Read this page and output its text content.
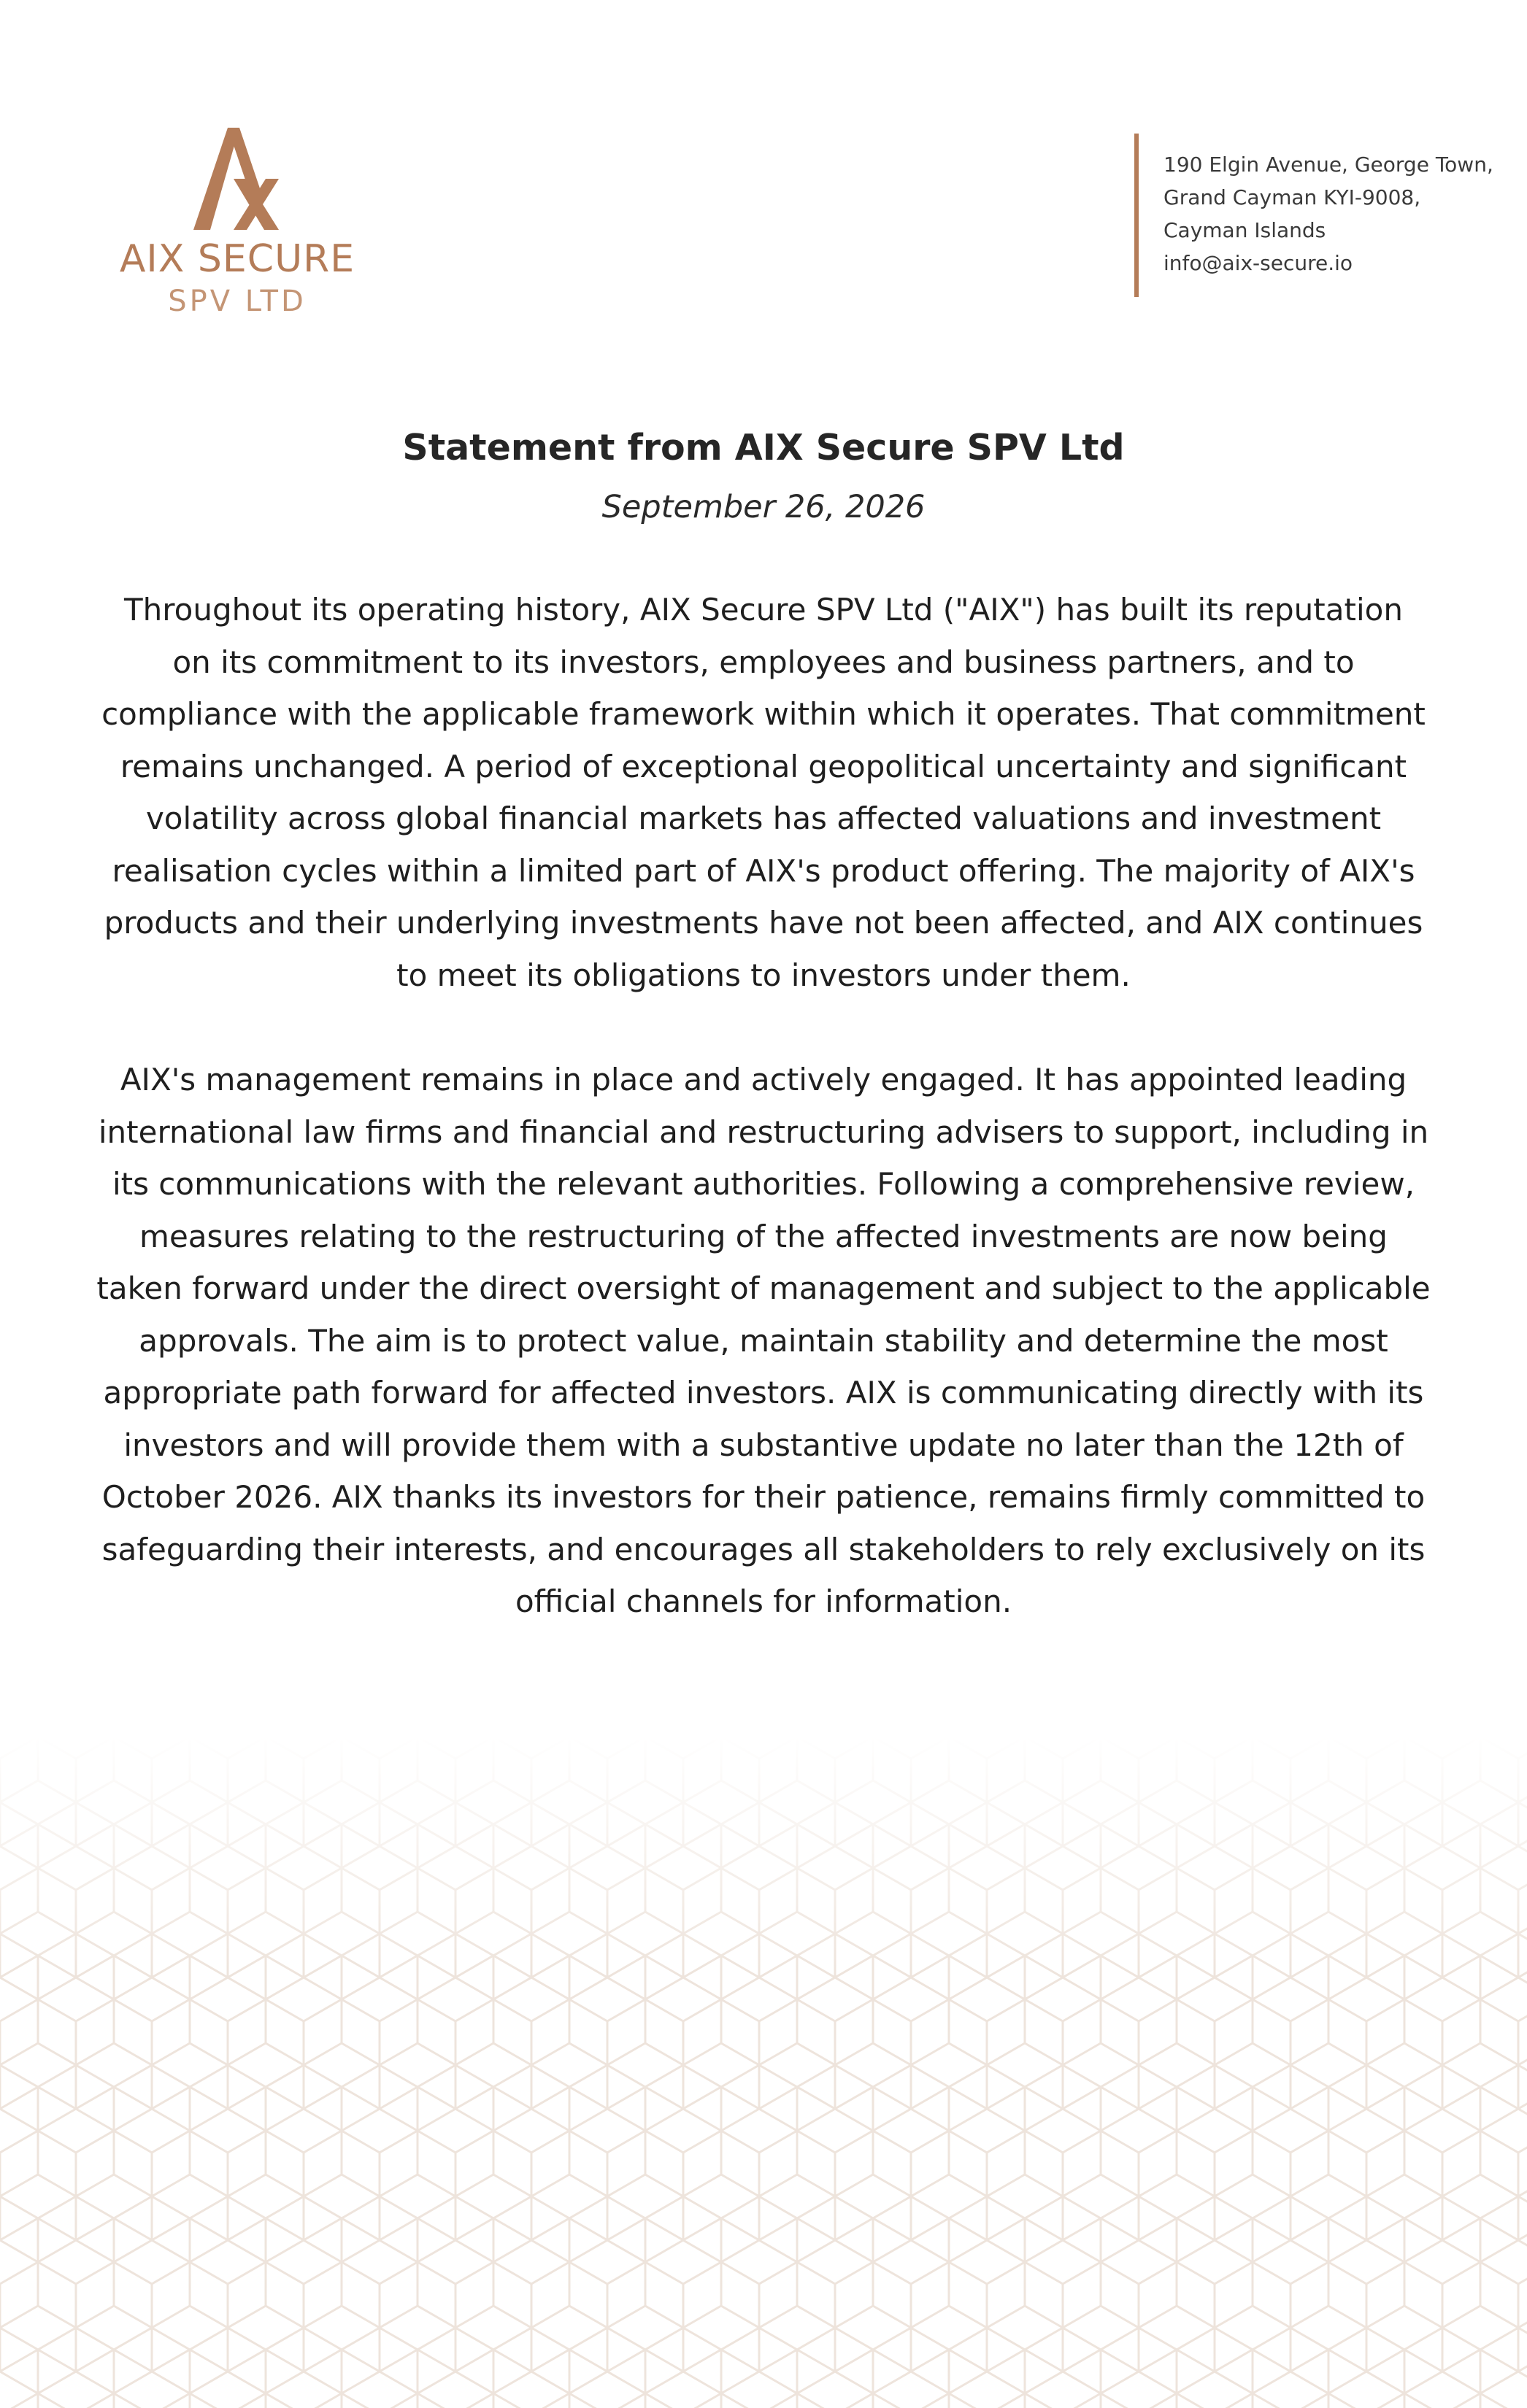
AIX SECURE
SPV LTD
190 Elgin Avenue, George Town,
Grand Cayman KYI-9008,
Cayman Islands
info@aix-secure.io
Statement from AIX Secure SPV Ltd
September 26, 2026
Throughout its operating history, AIX Secure SPV Ltd ("AIX") has built its reputation
on its commitment to its investors, employees and business partners, and to
compliance with the applicable framework within which it operates. That commitment
remains unchanged. A period of exceptional geopolitical uncertainty and significant
volatility across global financial markets has affected valuations and investment
realisation cycles within a limited part of AIX's product offering. The majority of AIX's
products and their underlying investments have not been affected, and AIX continues
to meet its obligations to investors under them.
AIX's management remains in place and actively engaged. It has appointed leading
international law firms and financial and restructuring advisers to support, including in
its communications with the relevant authorities. Following a comprehensive review,
measures relating to the restructuring of the affected investments are now being
taken forward under the direct oversight of management and subject to the applicable
approvals. The aim is to protect value, maintain stability and determine the most
appropriate path forward for affected investors. AIX is communicating directly with its
investors and will provide them with a substantive update no later than the 12th of
October 2026. AIX thanks its investors for their patience, remains firmly committed to
safeguarding their interests, and encourages all stakeholders to rely exclusively on its
official channels for information.
